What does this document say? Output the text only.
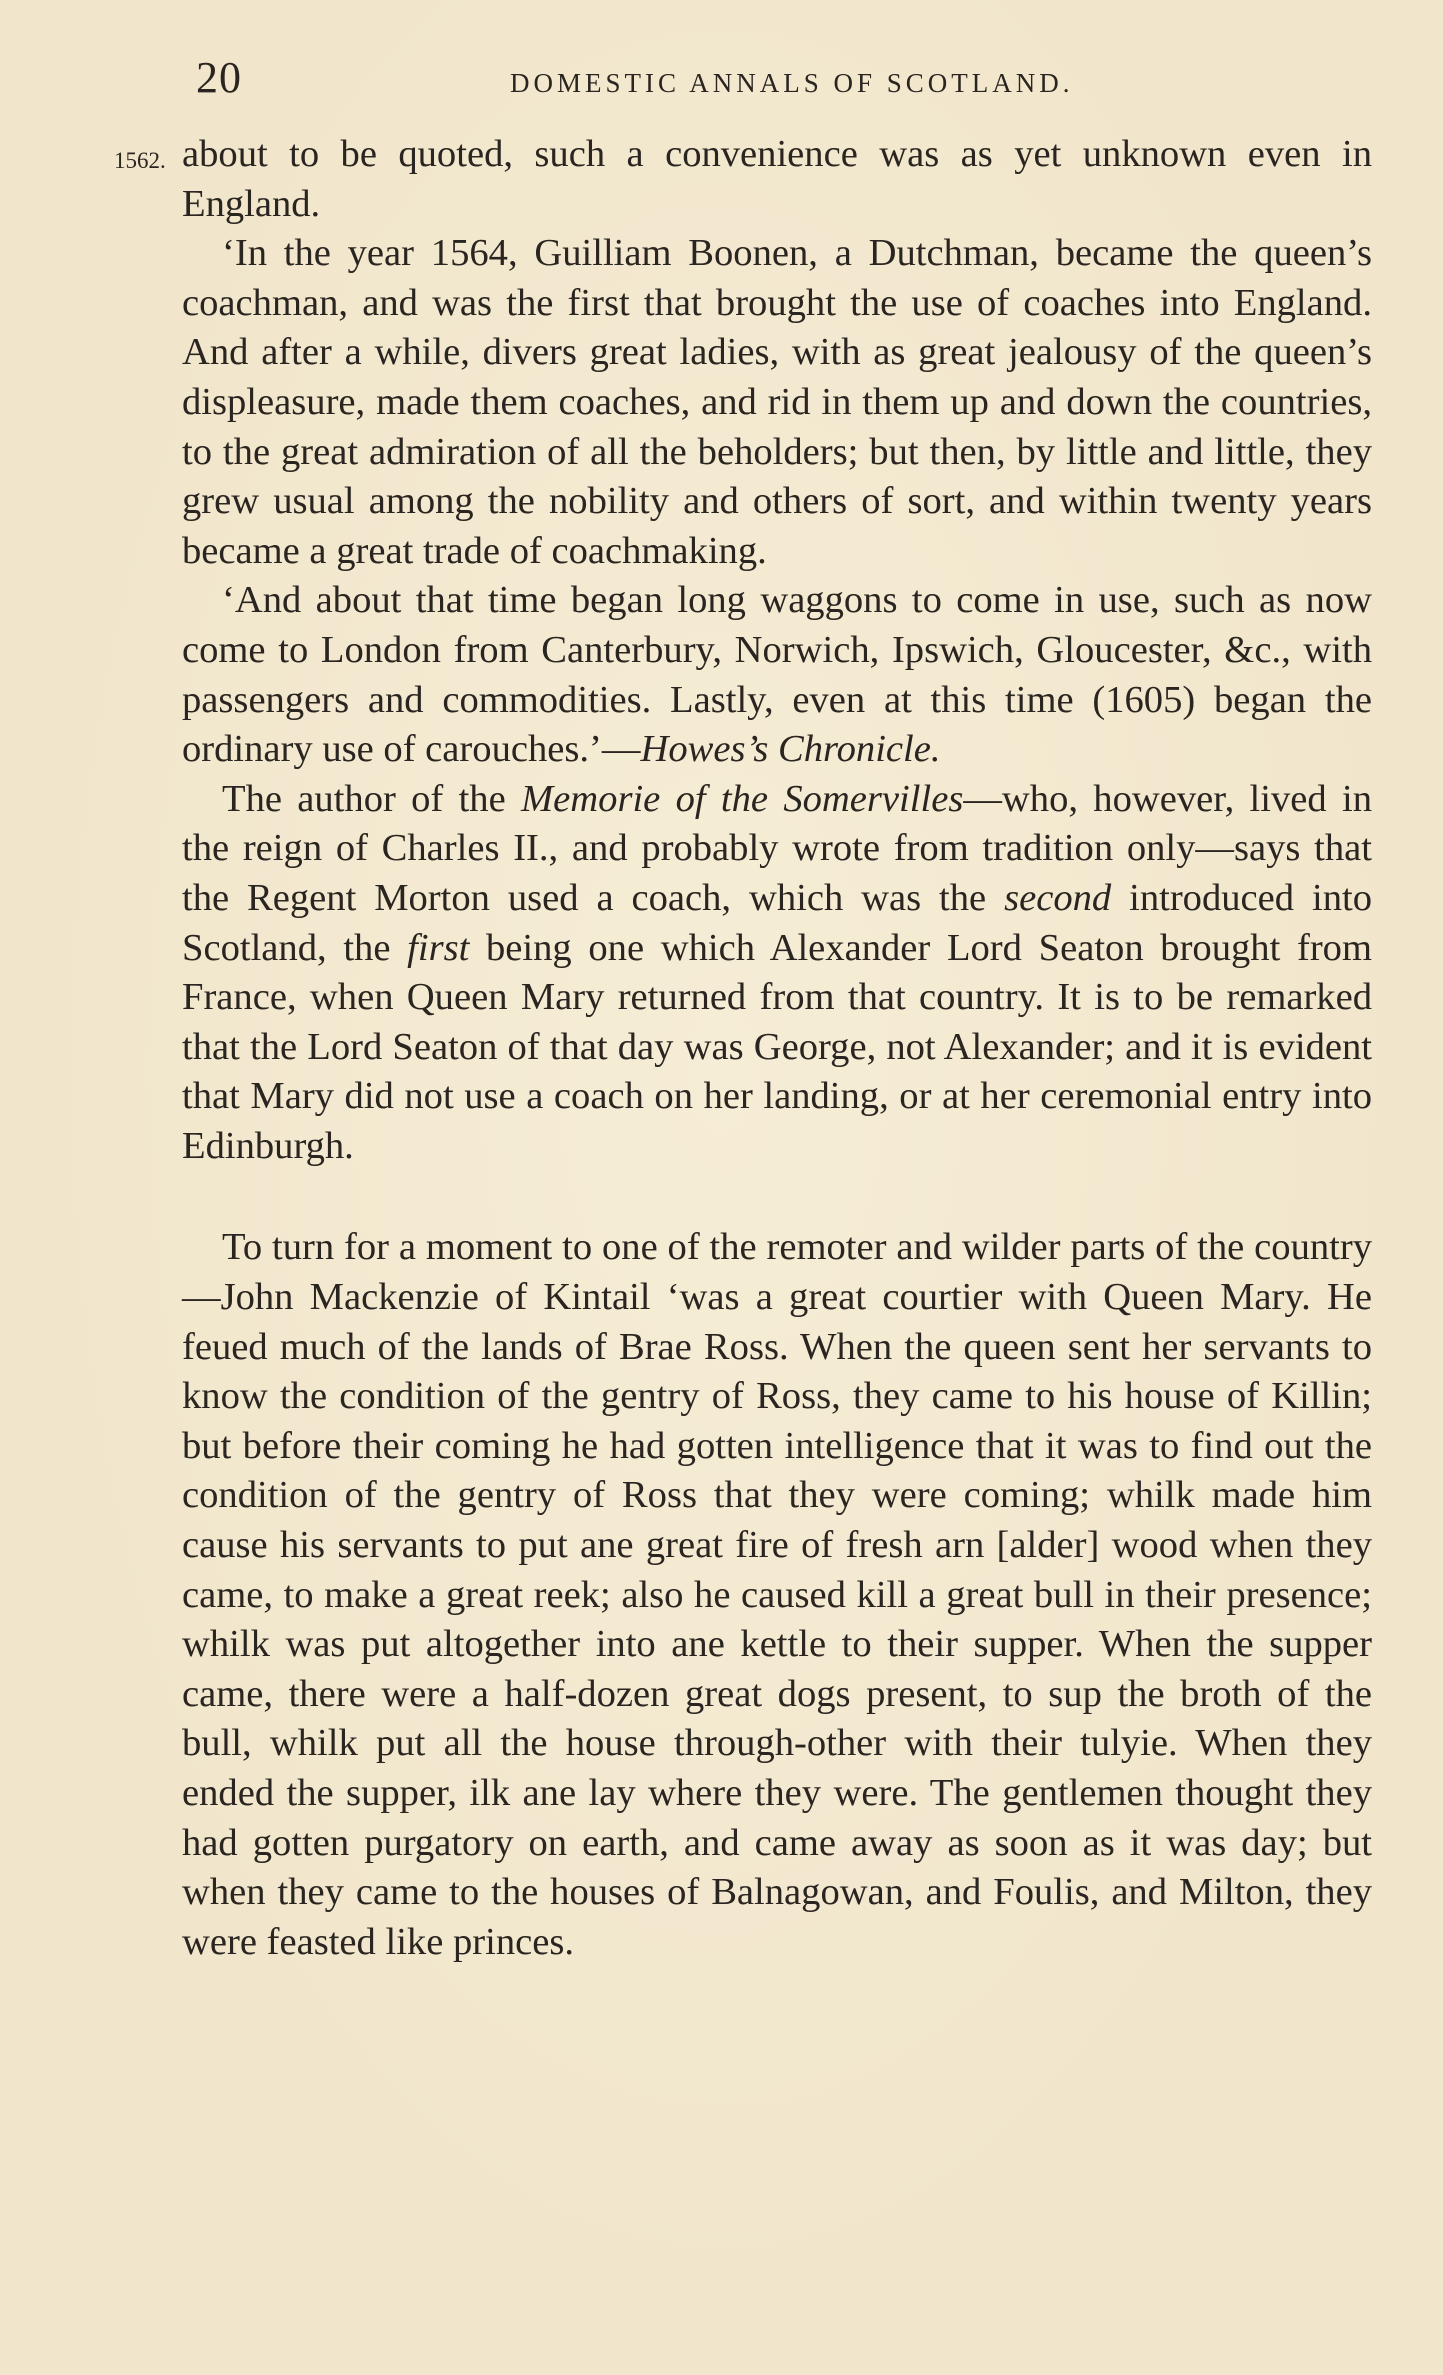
20	DOMESTIC ANNALS OF SCOTLAND.
1562. about to be quoted, such a convenience was as yet unknown even in England.

‘In the year 1564, Guilliam Boonen, a Dutchman, became the queen’s coachman, and was the first that brought the use of coaches into England. And after a while, divers great ladies, with as great jealousy of the queen’s displeasure, made them coaches, and rid in them up and down the countries, to the great admiration of all the beholders; but then, by little and little, they grew usual among the nobility and others of sort, and within twenty years became a great trade of coachmaking.

‘And about that time began long waggons to come in use, such as now come to London from Canterbury, Norwich, Ipswich, Gloucester, &c., with passengers and commodities. Lastly, even at this time (1605) began the ordinary use of carouches.’—Howes’s Chronicle.

The author of the Memorie of the Somervilles—who, however, lived in the reign of Charles II., and probably wrote from tradition only—says that the Regent Morton used a coach, which was the second introduced into Scotland, the first being one which Alexander Lord Seaton brought from France, when Queen Mary returned from that country. It is to be remarked that the Lord Seaton of that day was George, not Alexander; and it is evident that Mary did not use a coach on her landing, or at her ceremonial entry into Edinburgh.

To turn for a moment to one of the remoter and wilder parts of the country—John Mackenzie of Kintail ‘was a great courtier with Queen Mary. He feued much of the lands of Brae Ross. When the queen sent her servants to know the condition of the gentry of Ross, they came to his house of Killin; but before their coming he had gotten intelligence that it was to find out the condition of the gentry of Ross that they were coming; whilk made him cause his servants to put ane great fire of fresh arn [alder] wood when they came, to make a great reek; also he caused kill a great bull in their presence; whilk was put altogether into ane kettle to their supper. When the supper came, there were a half-dozen great dogs present, to sup the broth of the bull, whilk put all the house through-other with their tulyie. When they ended the supper, ilk ane lay where they were. The gentlemen thought they had gotten purgatory on earth, and came away as soon as it was day; but when they came to the houses of Balnagowan, and Foulis, and Milton, they were feasted like princes.
